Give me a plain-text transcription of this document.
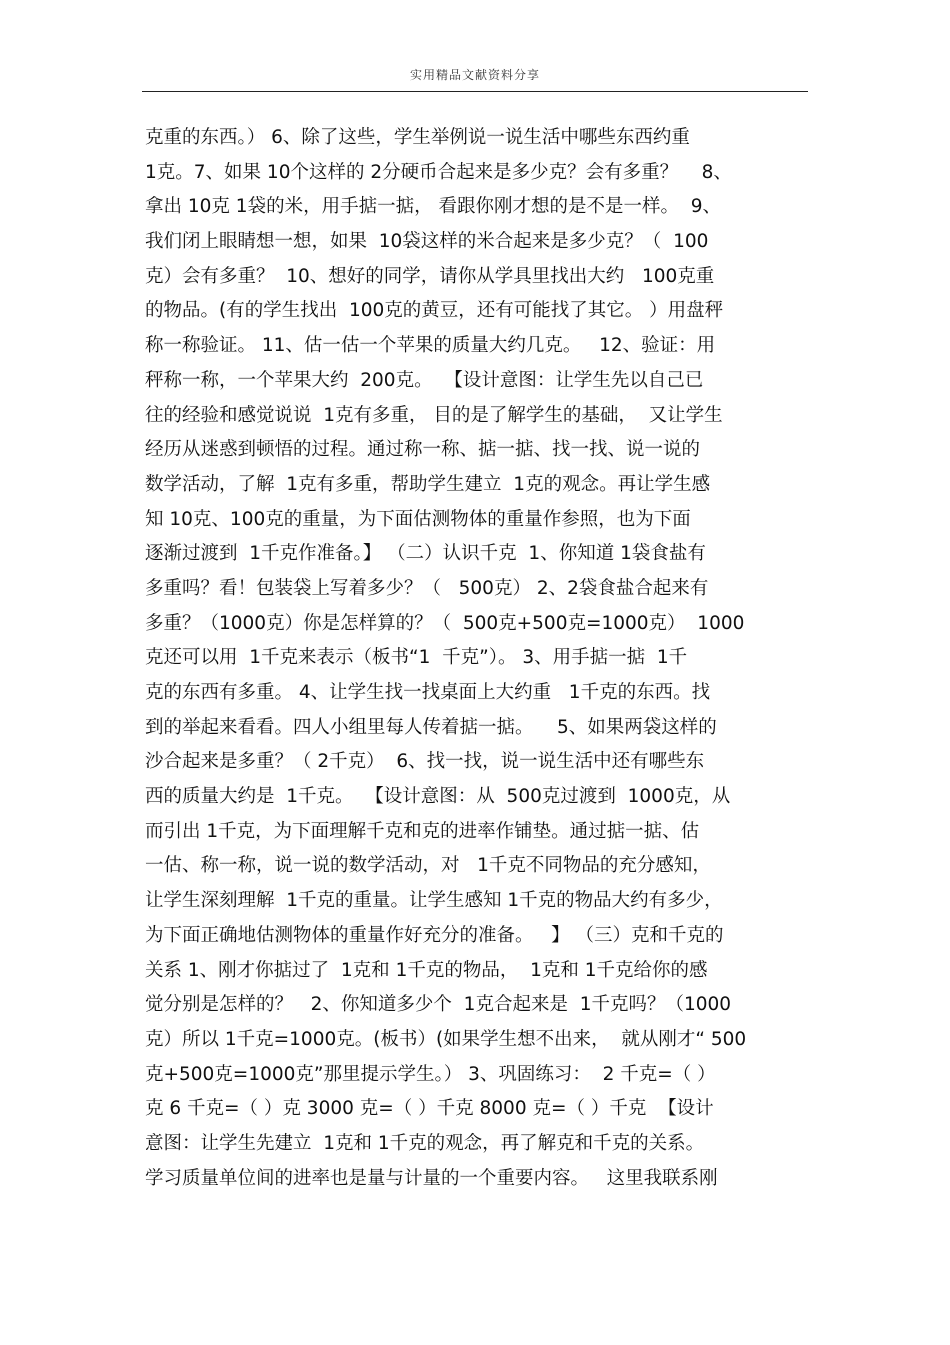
实用精品文献资料分享
克重的东西。） 6、除了这些，学生举例说一说生活中哪些东西约重
1克。7、如果 10个这样的 2分硬币合起来是多少克？会有多重？    8、
拿出 10克 1袋的米，用手掂一掂， 看跟你刚才想的是不是一样。  9、
我们闭上眼睛想一想，如果  10袋这样的米合起来是多少克？（  100
克）会有多重？  10、想好的同学，请你从学具里找出大约   100克重
的物品。(有的学生找出  100克的黄豆，还有可能找了其它。 ）用盘秤
称一称验证。 11、估一估一个苹果的质量大约几克。   12、验证：用
秤称一称，一个苹果大约  200克。  【设计意图：让学生先以自己已
往的经验和感觉说说  1克有多重， 目的是了解学生的基础，  又让学生
经历从迷惑到顿悟的过程。通过称一称、掂一掂、找一找、说一说的
数学活动，了解  1克有多重，帮助学生建立  1克的观念。再让学生感
知 10克、100克的重量，为下面估测物体的重量作参照，也为下面
逐渐过渡到  1千克作准备。】 （二）认识千克  1、你知道 1袋食盐有
多重吗？看！包装袋上写着多少？（   500克） 2、2袋食盐合起来有
多重？（1000克）你是怎样算的？（  500克+500克=1000克）  1000
克还可以用  1千克来表示（板书“1  千克”）。 3、用手掂一掂  1千
克的东西有多重。 4、让学生找一找桌面上大约重   1千克的东西。找
到的举起来看看。四人小组里每人传着掂一掂。    5、如果两袋这样的
沙合起来是多重？（ 2千克）  6、找一找，说一说生活中还有哪些东
西的质量大约是  1千克。  【设计意图：从  500克过渡到  1000克，从
而引出 1千克，为下面理解千克和克的进率作铺垫。通过掂一掂、估
一估、称一称，说一说的数学活动，对   1千克不同物品的充分感知，
让学生深刻理解  1千克的重量。让学生感知 1千克的物品大约有多少，
为下面正确地估测物体的重量作好充分的准备。   】 （三）克和千克的
关系 1、刚才你掂过了  1克和 1千克的物品，  1克和 1千克给你的感
觉分别是怎样的？   2、你知道多少个  1克合起来是  1千克吗？（1000
克）所以 1千克=1000克。(板书）(如果学生想不出来，  就从刚才“ 500
克+500克=1000克”那里提示学生。） 3、巩固练习：  2 千克=（ ）
克 6 千克=（ ）克 3000 克=（ ）千克 8000 克=（ ）千克  【设计
意图：让学生先建立  1克和 1千克的观念，再了解克和千克的关系。
学习质量单位间的进率也是量与计量的一个重要内容。   这里我联系刚
